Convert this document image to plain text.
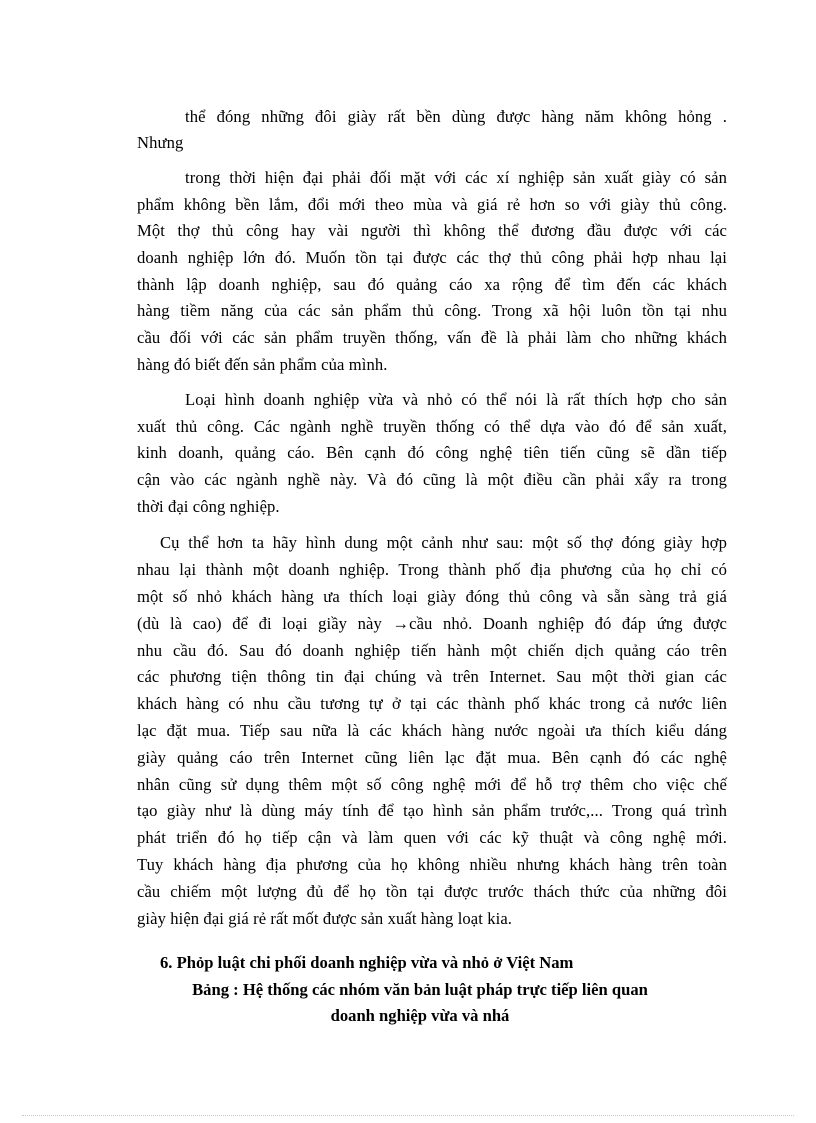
thể đóng những đôi giày rất bền dùng được hàng năm không hỏng .
Nhưng
trong thời hiện đại phải đối mặt với các xí nghiệp sản xuất giày có sản
phẩm không bền lắm, đổi mới theo mùa và giá rẻ hơn so với giày thủ công.
Một thợ thủ công hay vài người thì không thể đương đầu được với các
doanh nghiệp lớn đó. Muốn tồn tại được các thợ thủ công phải hợp nhau lại
thành lập doanh nghiệp, sau đó quảng cáo xa rộng để tìm đến các khách
hàng tiềm năng của các sản phẩm thủ công. Trong xã hội luôn tồn tại nhu
cầu đối với các sản phẩm truyền thống, vấn đề là phải làm cho những khách
hàng đó biết đến sản phẩm của mình.
Loại hình doanh nghiệp vừa và nhỏ có thể nói là rất thích hợp cho sản
xuất thủ công. Các ngành nghề truyền thống có thể dựa vào đó để sản xuất,
kinh doanh, quảng cáo. Bên cạnh đó công nghệ tiên tiến cũng sẽ dần tiếp
cận vào các ngành nghề này. Và đó cũng là một điều cần phải xẩy ra trong
thời đại công nghiệp.
Cụ thể hơn ta hãy hình dung một cảnh như sau: một số thợ đóng giày hợp
nhau lại thành một doanh nghiệp. Trong thành phố địa phương của họ chỉ có
một số nhỏ khách hàng ưa thích loại giày đóng thủ công và sẵn sàng trả giá
(dù là cao) để đi loại giầy này →cầu nhỏ. Doanh nghiệp đó đáp ứng được
nhu cầu đó. Sau đó doanh nghiệp tiến hành một chiến dịch quảng cáo trên
các phương tiện thông tin đại chúng và trên Internet. Sau một thời gian các
khách hàng có nhu cầu tương tự ở tại các thành phố khác trong cả nước liên
lạc đặt mua. Tiếp sau nữa là các khách hàng nước ngoài ưa thích kiểu dáng
giày quảng cáo trên Internet cũng liên lạc đặt mua. Bên cạnh đó các nghệ
nhân cũng sử dụng thêm một số công nghệ mới để hỗ trợ thêm cho việc chế
tạo giày như là dùng máy tính để tạo hình sản phẩm trước,... Trong quá trình
phát triển đó họ tiếp cận và làm quen với các kỹ thuật và công nghệ mới.
Tuy khách hàng địa phương của họ không nhiều nhưng khách hàng trên toàn
cầu chiếm một lượng đủ để họ tồn tại được trước thách thức của những đôi
giày hiện đại giá rẻ rất mốt được sản xuất hàng loạt kia.
6. Phỏp luật chi phối doanh nghiệp vừa và nhỏ ở Việt Nam
Bảng : Hệ thống các nhóm văn bản luật pháp trực tiếp liên quan
doanh nghiệp vừa và nhá
